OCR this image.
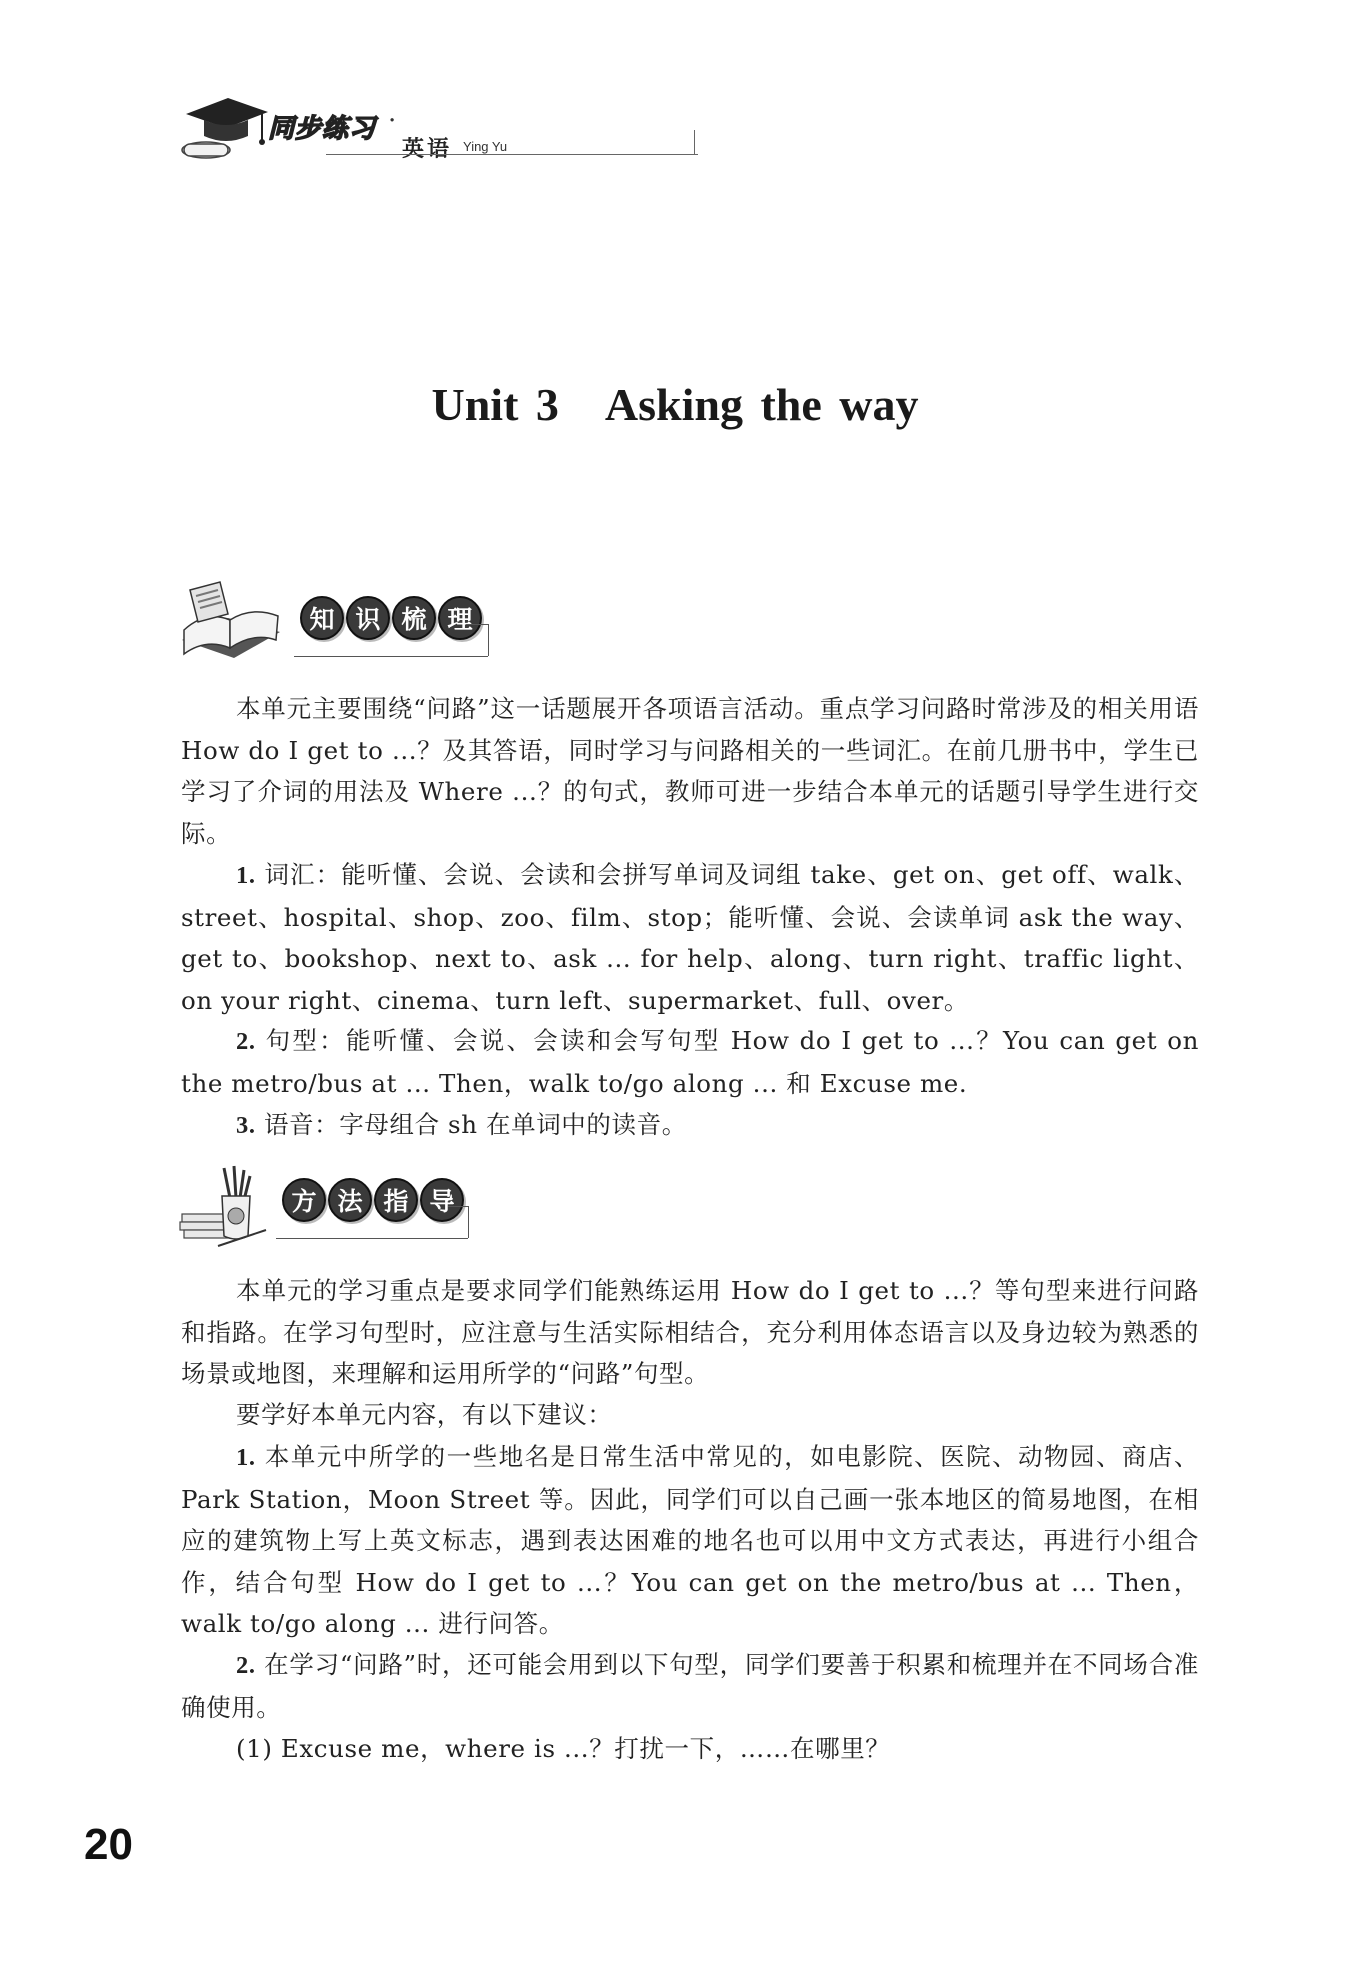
同步练习 ·
英语 Ying Yu
Unit 3　Asking the way
知 识 梳 理
本单元主要围绕“问路”这一话题展开各项语言活动。重点学习问路时常涉及的相关用语 How do I get to ...？及其答语，同时学习与问路相关的一些词汇。在前几册书中，学生已学习了介词的用法及 Where ...？的句式，教师可进一步结合本单元的话题引导学生进行交际。
1. 词汇：能听懂、会说、会读和会拼写单词及词组 take、get on、get off、walk、street、hospital、shop、zoo、film、stop；能听懂、会说、会读单词 ask the way、get to、bookshop、next to、ask ... for help、along、turn right、traffic light、on your right、cinema、turn left、supermarket、full、over。
2. 句型：能听懂、会说、会读和会写句型 How do I get to ...？You can get on the metro/bus at ... Then，walk to/go along ... 和 Excuse me.
3. 语音：字母组合 sh 在单词中的读音。
方 法 指 导
本单元的学习重点是要求同学们能熟练运用 How do I get to ...？等句型来进行问路和指路。在学习句型时，应注意与生活实际相结合，充分利用体态语言以及身边较为熟悉的场景或地图，来理解和运用所学的“问路”句型。
要学好本单元内容，有以下建议：
1. 本单元中所学的一些地名是日常生活中常见的，如电影院、医院、动物园、商店、Park Station，Moon Street 等。因此，同学们可以自己画一张本地区的简易地图，在相应的建筑物上写上英文标志，遇到表达困难的地名也可以用中文方式表达，再进行小组合作，结合句型 How do I get to ...？You can get on the metro/bus at ... Then，walk to/go along ... 进行问答。
2. 在学习“问路”时，还可能会用到以下句型，同学们要善于积累和梳理并在不同场合准确使用。
(1) Excuse me，where is ...？打扰一下，……在哪里？
20
